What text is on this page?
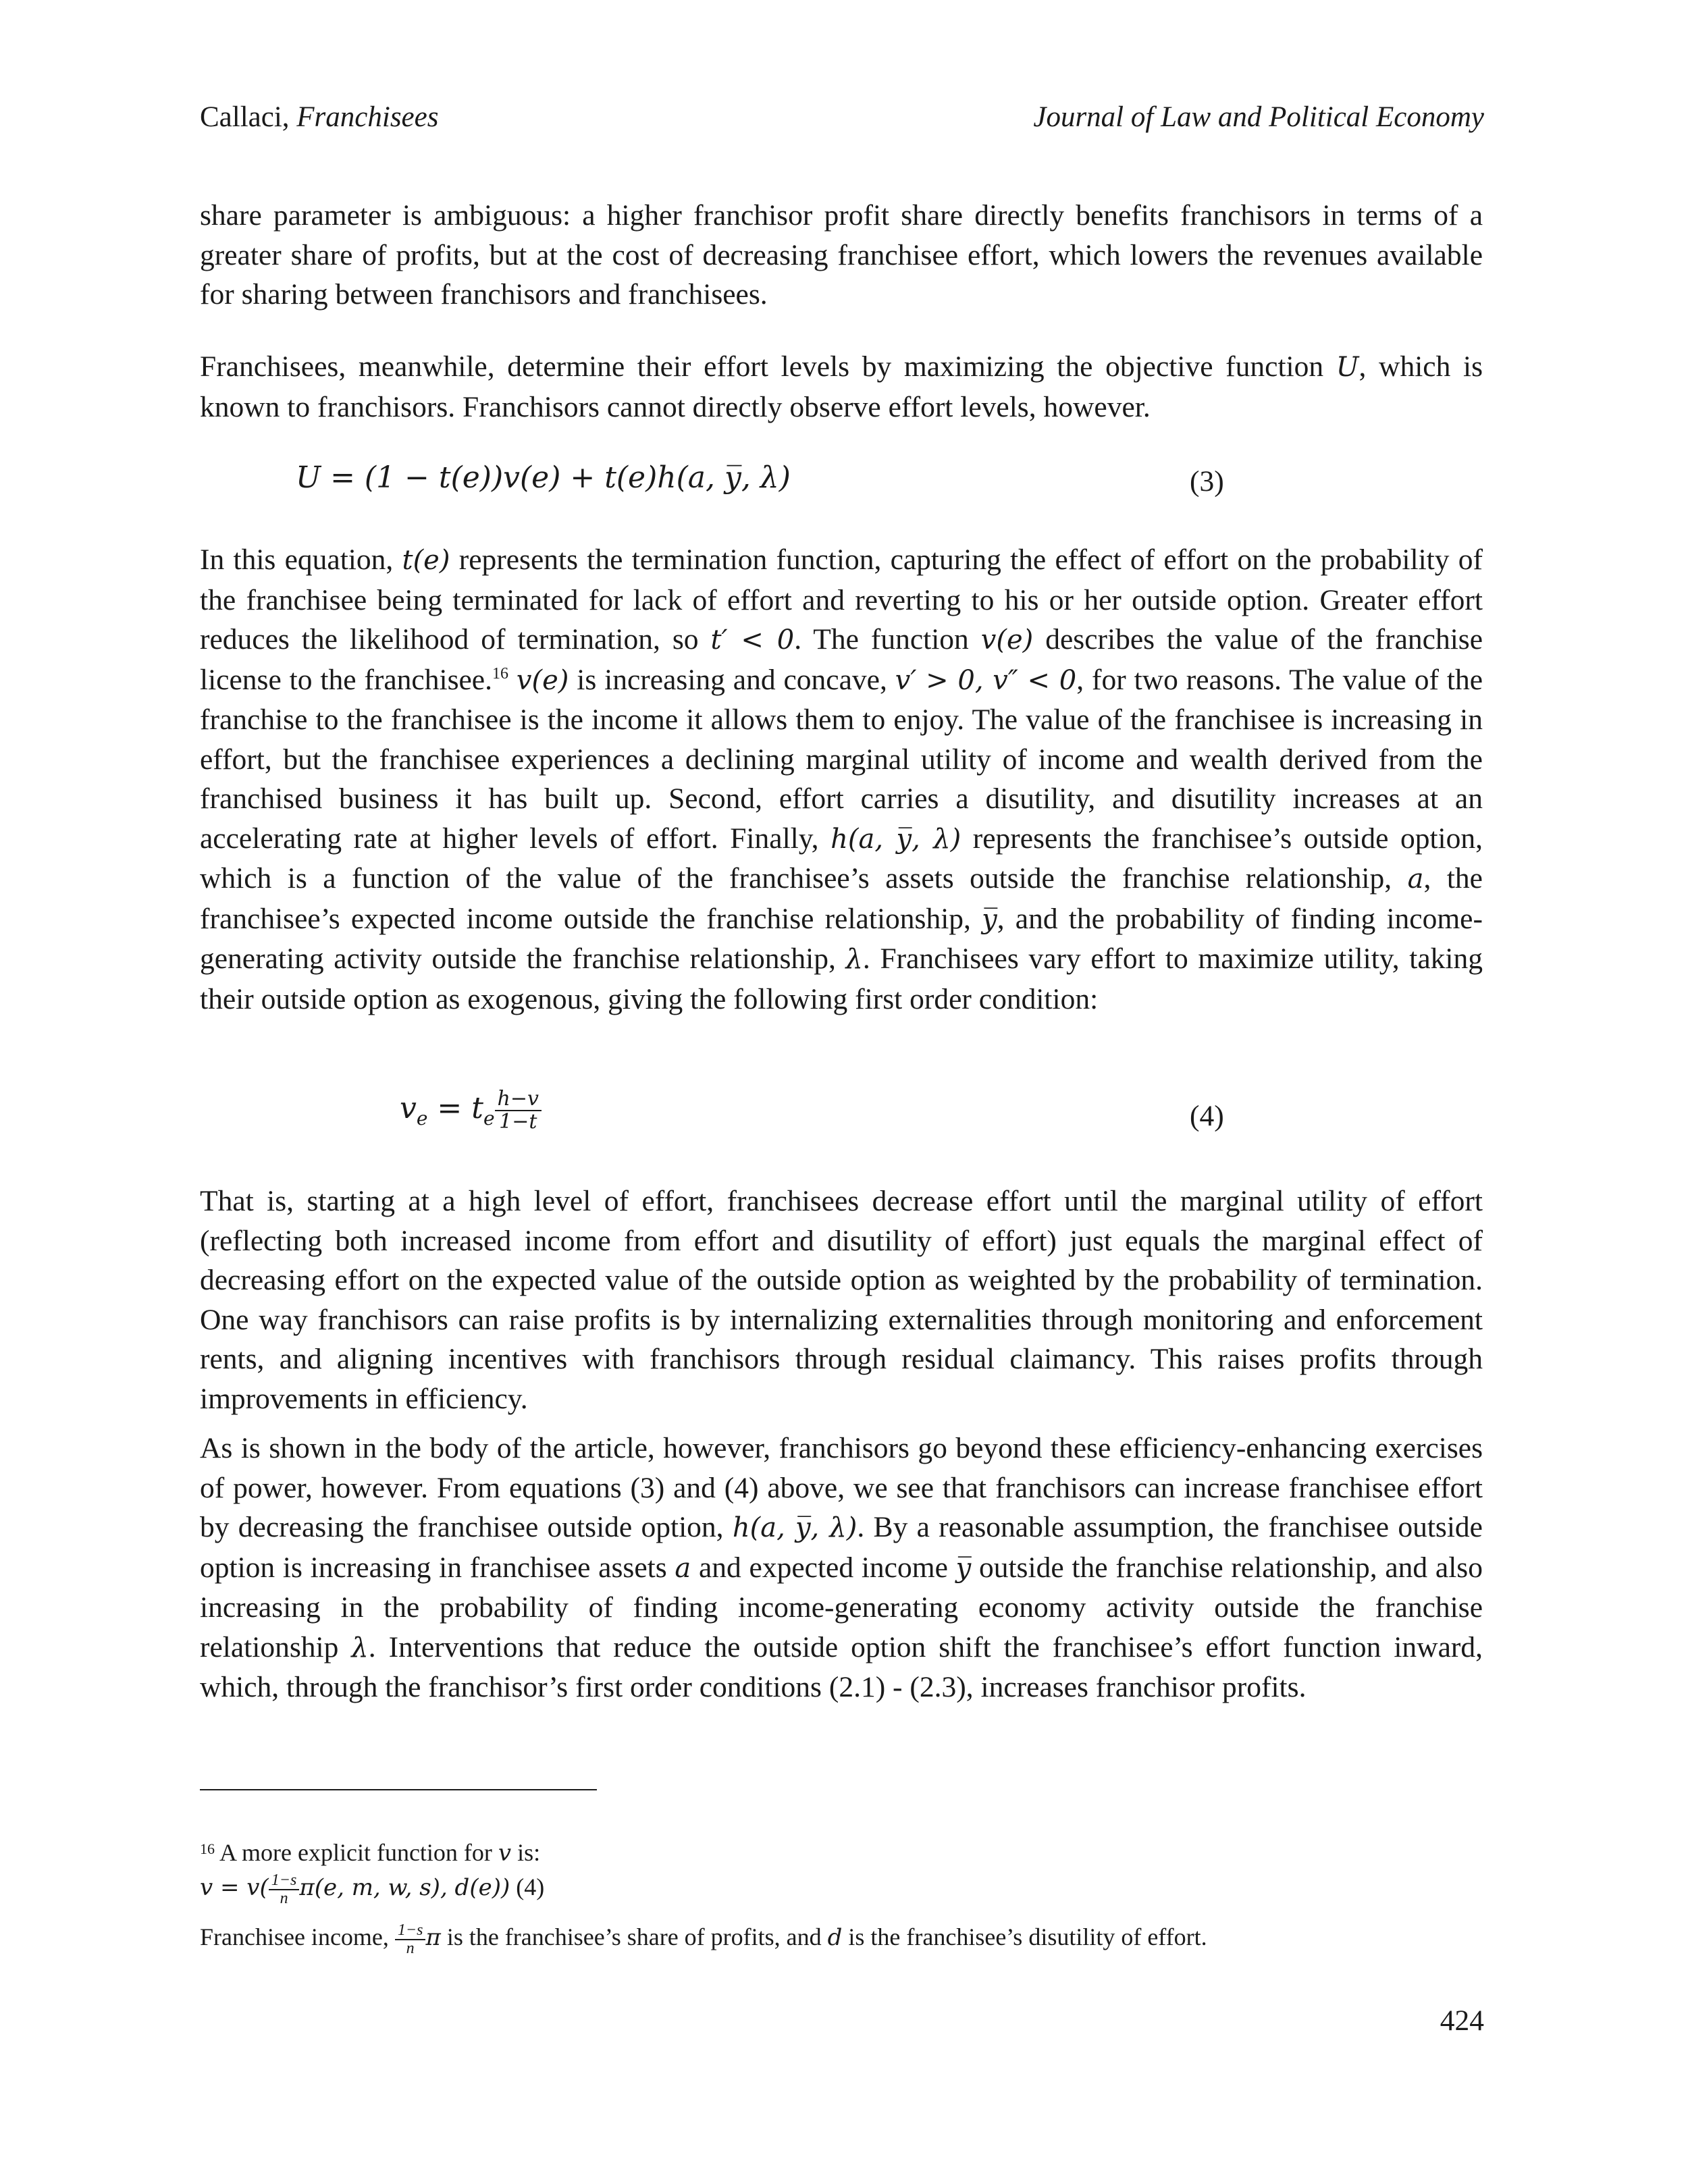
Callaci, Franchisees	Journal of Law and Political Economy

share parameter is ambiguous: a higher franchisor profit share directly benefits franchisors in terms of a greater share of profits, but at the cost of decreasing franchisee effort, which lowers the revenues available for sharing between franchisors and franchisees.

Franchisees, meanwhile, determine their effort levels by maximizing the objective function U, which is known to franchisors. Franchisors cannot directly observe effort levels, however.

U = (1 − t(e))v(e) + t(e)h(a, y̅, λ)	(3)

In this equation, t(e) represents the termination function, capturing the effect of effort on the probability of the franchisee being terminated for lack of effort and reverting to his or her outside option. Greater effort reduces the likelihood of termination, so t′ < 0. The function v(e) describes the value of the franchise license to the franchisee.$^{16}$ v(e) is increasing and concave, v′ > 0, v″ < 0, for two reasons. The value of the franchise to the franchisee is the income it allows them to enjoy. The value of the franchisee is increasing in effort, but the franchisee experiences a declining marginal utility of income and wealth derived from the franchised business it has built up. Second, effort carries a disutility, and disutility increases at an accelerating rate at higher levels of effort. Finally, h(a, y̅, λ) represents the franchisee’s outside option, which is a function of the value of the franchisee’s assets outside the franchise relationship, a, the franchisee’s expected income outside the franchise relationship, y̅, and the probability of finding income-generating activity outside the franchise relationship, λ. Franchisees vary effort to maximize utility, taking their outside option as exogenous, giving the following first order condition:

$v_e = t_e \frac{h-v}{1-t}$	(4)

That is, starting at a high level of effort, franchisees decrease effort until the marginal utility of effort (reflecting both increased income from effort and disutility of effort) just equals the marginal effect of decreasing effort on the expected value of the outside option as weighted by the probability of termination. One way franchisors can raise profits is by internalizing externalities through monitoring and enforcement rents, and aligning incentives with franchisors through residual claimancy. This raises profits through improvements in efficiency.

As is shown in the body of the article, however, franchisors go beyond these efficiency-enhancing exercises of power, however. From equations (3) and (4) above, we see that franchisors can increase franchisee effort by decreasing the franchisee outside option, h(a, y̅, λ). By a reasonable assumption, the franchisee outside option is increasing in franchisee assets a and expected income y̅ outside the franchise relationship, and also increasing in the probability of finding income-generating economy activity outside the franchise relationship λ. Interventions that reduce the outside option shift the franchisee’s effort function inward, which, through the franchisor’s first order conditions (2.1) - (2.3), increases franchisor profits.

$^{16}$ A more explicit function for v is:
$v = v( \frac{1-s}{n} \pi(e$, m, w, s), d(e)) (4)
Franchisee income, $\frac{1-s}{n}$ π is the franchisee’s share of profits, and d is the franchisee’s disutility of effort.
424
